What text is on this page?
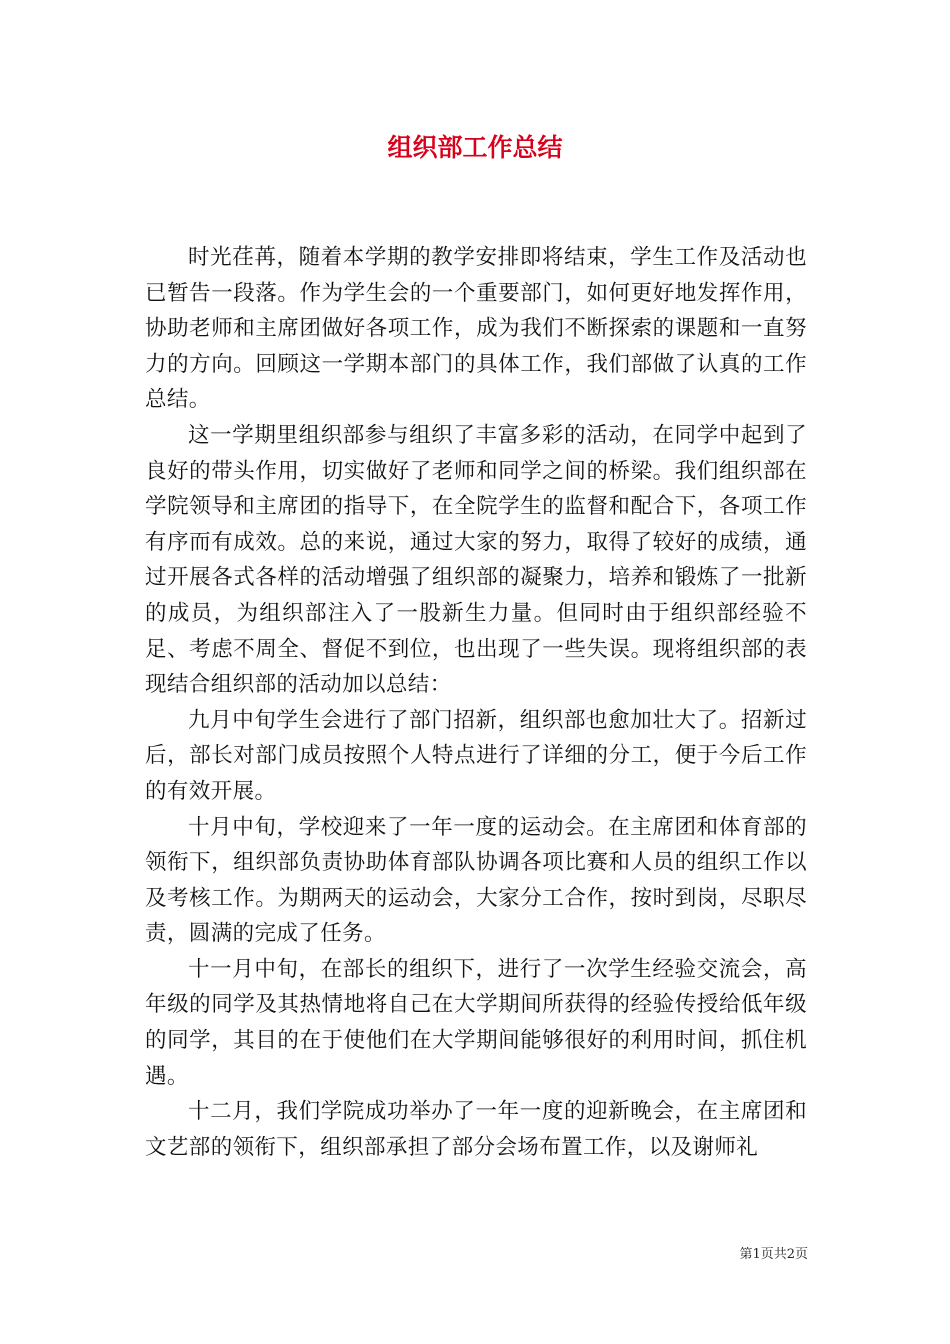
组织部工作总结

时光荏苒，随着本学期的教学安排即将结束，学生工作及活动也已暂告一段落。作为学生会的一个重要部门，如何更好地发挥作用，协助老师和主席团做好各项工作，成为我们不断探索的课题和一直努力的方向。回顾这一学期本部门的具体工作，我们部做了认真的工作总结。

这一学期里组织部参与组织了丰富多彩的活动，在同学中起到了良好的带头作用，切实做好了老师和同学之间的桥梁。我们组织部在学院领导和主席团的指导下，在全院学生的监督和配合下，各项工作有序而有成效。总的来说，通过大家的努力，取得了较好的成绩，通过开展各式各样的活动增强了组织部的凝聚力，培养和锻炼了一批新的成员，为组织部注入了一股新生力量。但同时由于组织部经验不足、考虑不周全、督促不到位，也出现了一些失误。现将组织部的表现结合组织部的活动加以总结：

九月中旬学生会进行了部门招新，组织部也愈加壮大了。招新过后，部长对部门成员按照个人特点进行了详细的分工，便于今后工作的有效开展。

十月中旬，学校迎来了一年一度的运动会。在主席团和体育部的领衔下，组织部负责协助体育部队协调各项比赛和人员的组织工作以及考核工作。为期两天的运动会，大家分工合作，按时到岗，尽职尽责，圆满的完成了任务。

十一月中旬，在部长的组织下，进行了一次学生经验交流会，高年级的同学及其热情地将自己在大学期间所获得的经验传授给低年级的同学，其目的在于使他们在大学期间能够很好的利用时间，抓住机遇。

十二月，我们学院成功举办了一年一度的迎新晚会，在主席团和文艺部的领衔下，组织部承担了部分会场布置工作，以及谢师礼

第1页共2页
